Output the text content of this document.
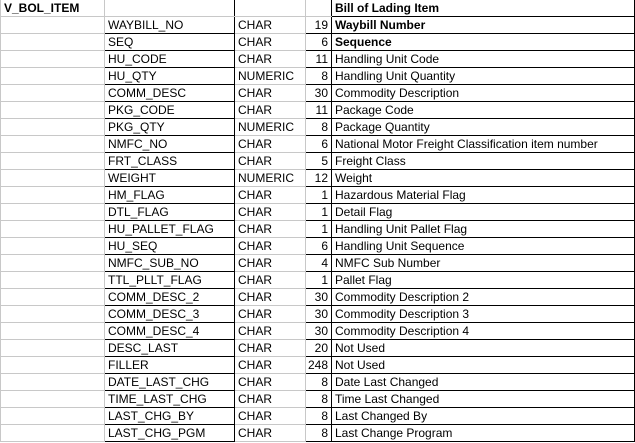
V_BOL_ITEM				Bill of Lading Item
	WAYBILL_NO	CHAR	19	Waybill Number
	SEQ	CHAR	6	Sequence
	HU_CODE	CHAR	11	Handling Unit Code
	HU_QTY	NUMERIC	8	Handling Unit Quantity
	COMM_DESC	CHAR	30	Commodity Description
	PKG_CODE	CHAR	11	Package Code
	PKG_QTY	NUMERIC	8	Package Quantity
	NMFC_NO	CHAR	6	National Motor Freight Classification item number
	FRT_CLASS	CHAR	5	Freight Class
	WEIGHT	NUMERIC	12	Weight
	HM_FLAG	CHAR	1	Hazardous Material Flag
	DTL_FLAG	CHAR	1	Detail Flag
	HU_PALLET_FLAG	CHAR	1	Handling Unit Pallet Flag
	HU_SEQ	CHAR	6	Handling Unit Sequence
	NMFC_SUB_NO	CHAR	4	NMFC Sub Number
	TTL_PLLT_FLAG	CHAR	1	Pallet Flag
	COMM_DESC_2	CHAR	30	Commodity Description 2
	COMM_DESC_3	CHAR	30	Commodity Description 3
	COMM_DESC_4	CHAR	30	Commodity Description 4
	DESC_LAST	CHAR	20	Not Used
	FILLER	CHAR	248	Not Used
	DATE_LAST_CHG	CHAR	8	Date Last Changed
	TIME_LAST_CHG	CHAR	8	Time Last Changed
	LAST_CHG_BY	CHAR	8	Last Changed By
	LAST_CHG_PGM	CHAR	8	Last Change Program
